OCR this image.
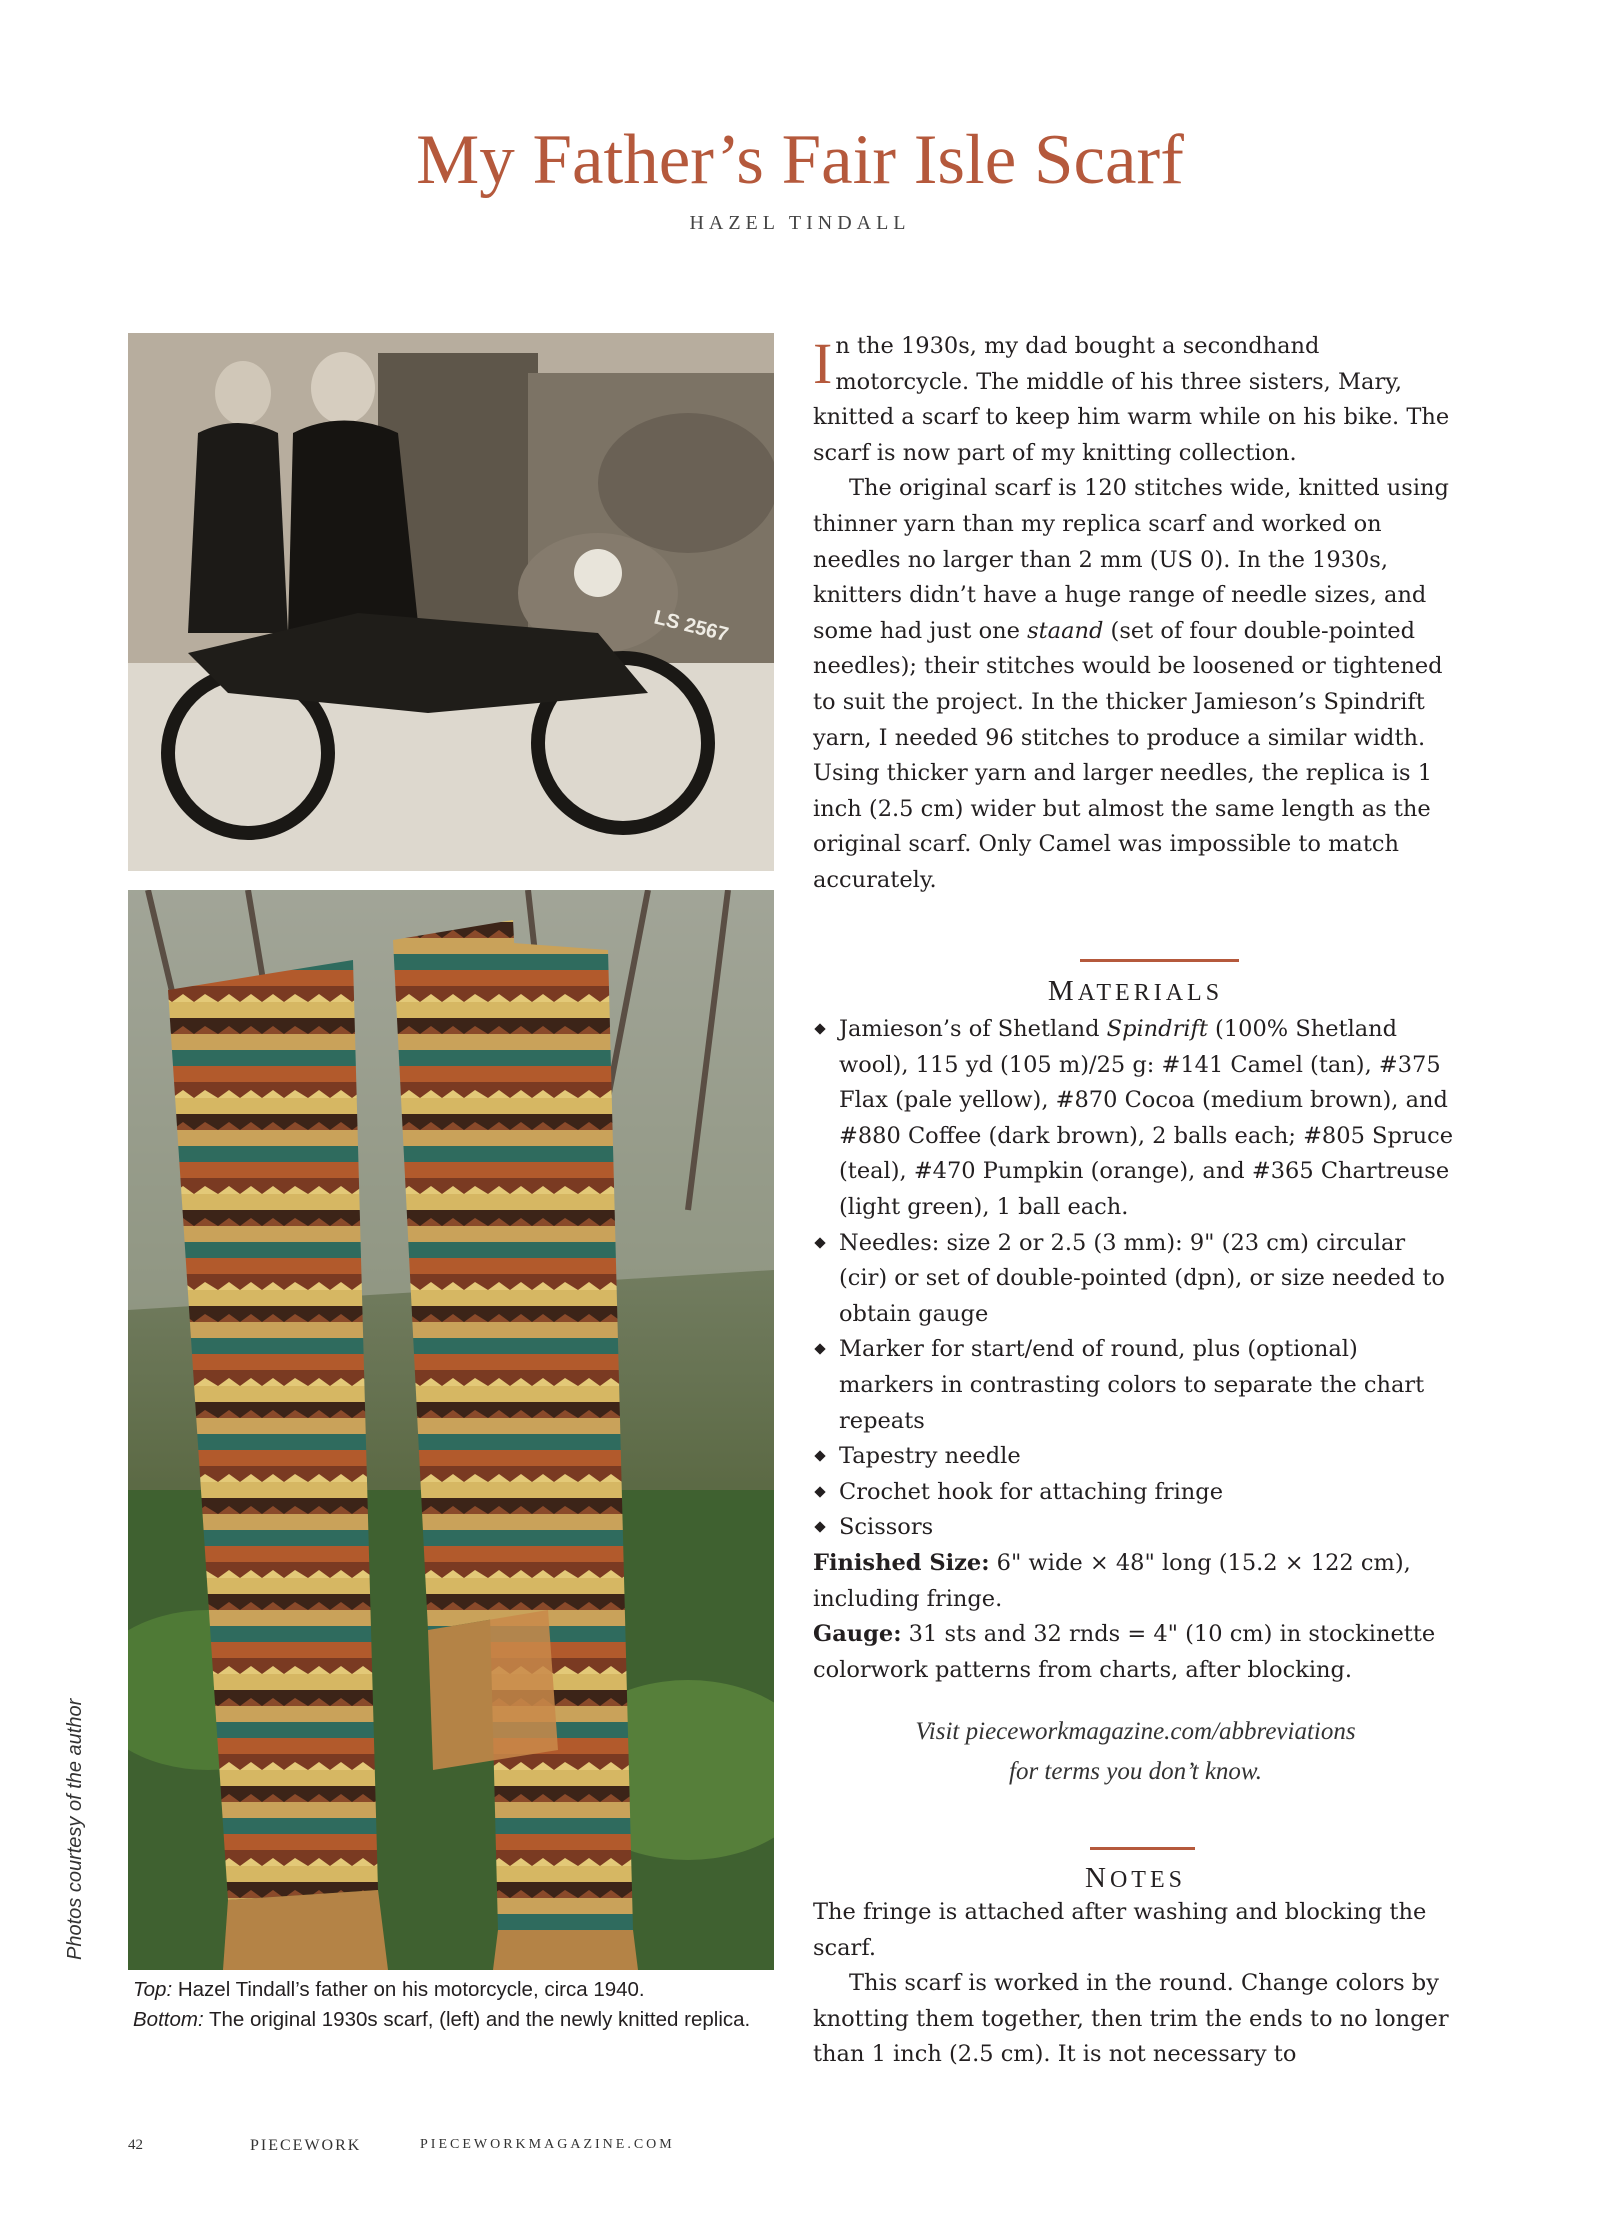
My Father’s Fair Isle Scarf
HAZEL TINDALL
LS 2567
Photos courtesy of the author
Top: Hazel Tindall’s father on his motorcycle, circa 1940.
Bottom: The original 1930s scarf, (left) and the newly knitted replica.

In the 1930s, my dad bought a secondhand motorcycle. The middle of his three sisters, Mary, knitted a scarf to keep him warm while on his bike. The scarf is now part of my knitting collection.

The original scarf is 120 stitches wide, knitted using thinner yarn than my replica scarf and worked on needles no larger than 2 mm (US 0). In the 1930s, knitters didn’t have a huge range of needle sizes, and some had just one staand (set of four double-pointed needles); their stitches would be loosened or tightened to suit the project. In the thicker Jamieson’s Spindrift yarn, I needed 96 stitches to produce a similar width. Using thicker yarn and larger needles, the replica is 1 inch (2.5 cm) wider but almost the same length as the original scarf. Only Camel was impossible to match accurately.

MATERIALS
Jamieson’s of Shetland Spindrift (100% Shetland wool), 115 yd (105 m)/25 g: #141 Camel (tan), #375 Flax (pale yellow), #870 Cocoa (medium brown), and #880 Coffee (dark brown), 2 balls each; #805 Spruce (teal), #470 Pumpkin (orange), and #365 Chartreuse (light green), 1 ball each.
Needles: size 2 or 2.5 (3 mm): 9" (23 cm) circular (cir) or set of double-pointed (dpn), or size needed to obtain gauge
Marker for start/end of round, plus (optional) markers in contrasting colors to separate the chart repeats
Tapestry needle
Crochet hook for attaching fringe
Scissors

Finished Size: 6" wide × 48" long (15.2 × 122 cm), including fringe.

Gauge: 31 sts and 32 rnds = 4" (10 cm) in stockinette colorwork patterns from charts, after blocking.

Visit pieceworkmagazine.com/abbreviations
for terms you don’t know.
NOTES

The fringe is attached after washing and blocking the scarf.

This scarf is worked in the round. Change colors by knotting them together, then trim the ends to no longer than 1 inch (2.5 cm). It is not necessary to

42	PIECEWORK	PIECEWORKMAGAZINE.COM
